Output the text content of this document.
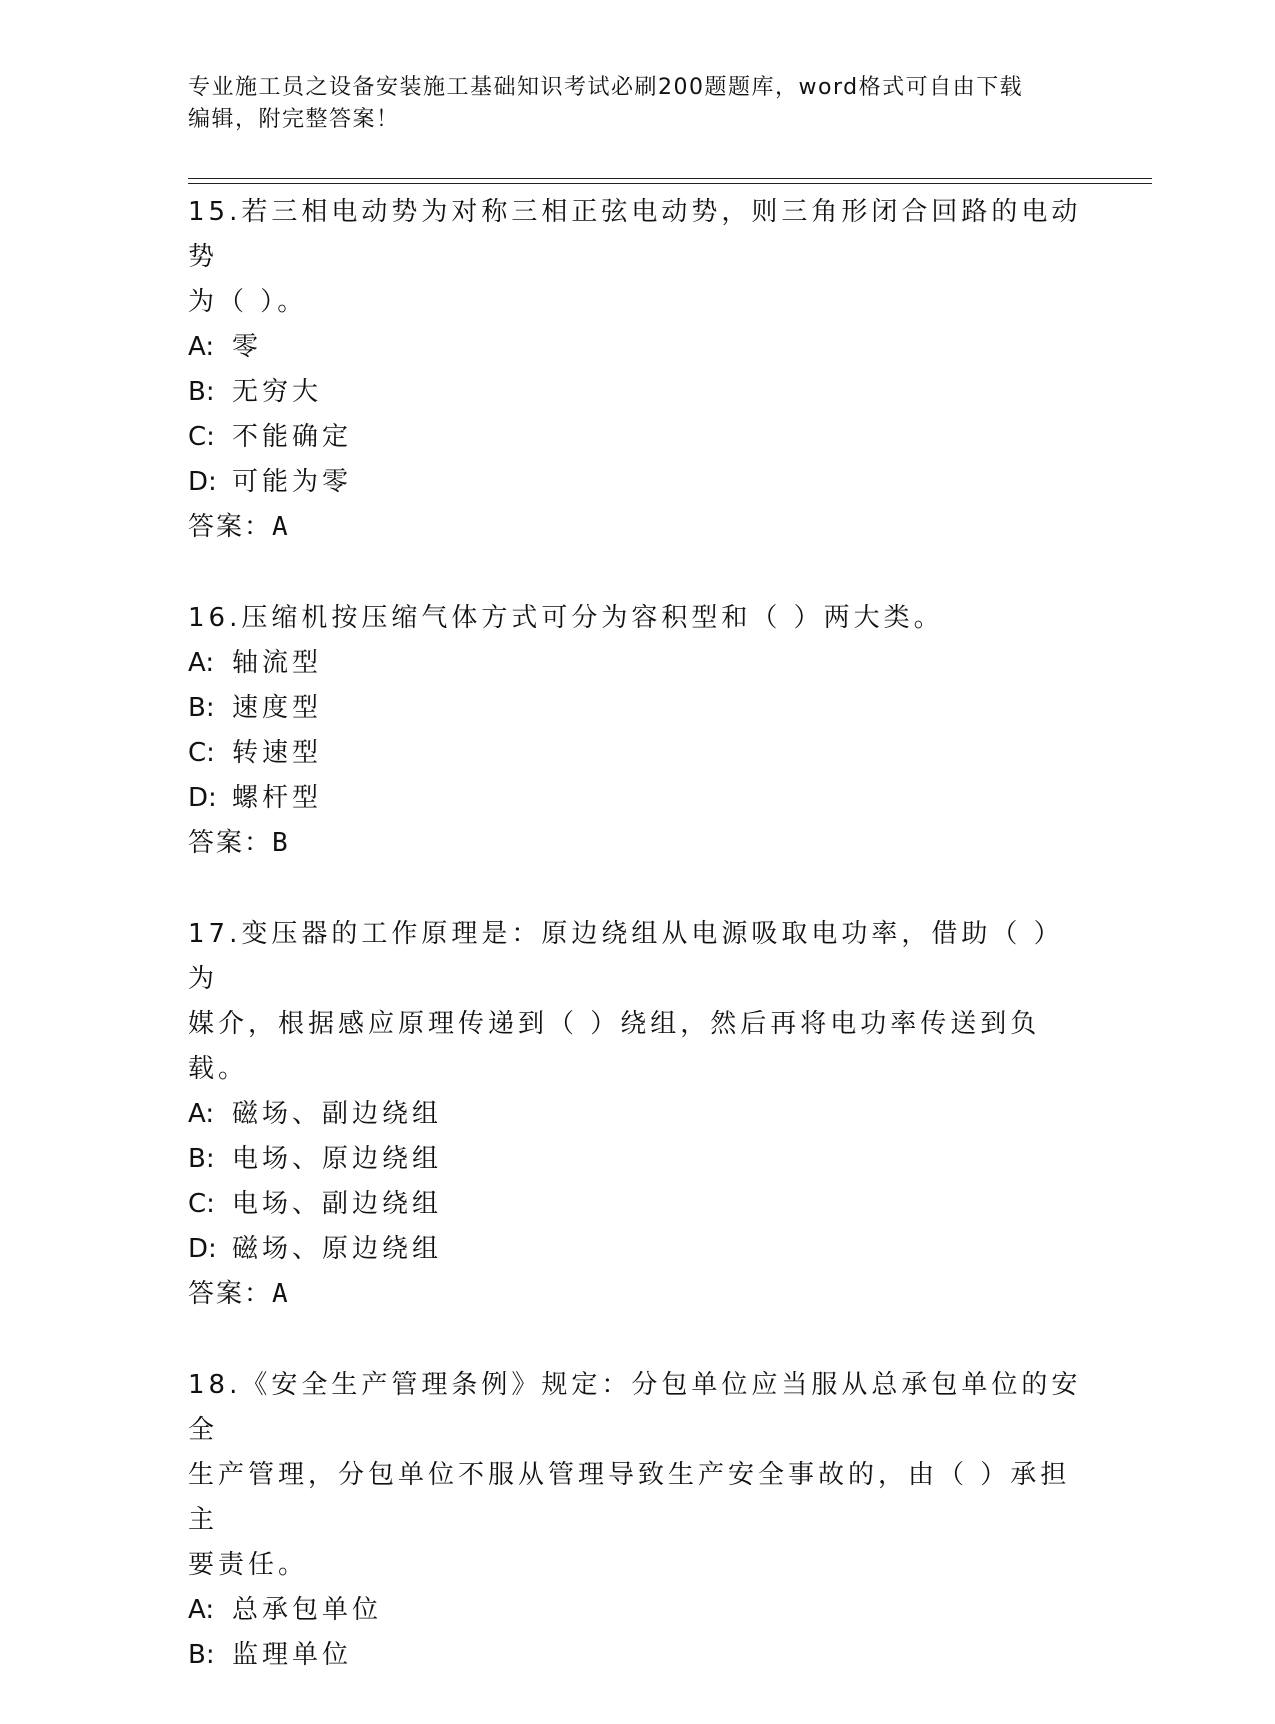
专业施工员之设备安装施工基础知识考试必刷200题题库，word格式可自由下载
编辑，附完整答案！
15.若三相电动势为对称三相正弦电动势，则三角形闭合回路的电动势
为（ ）。
A: 零
B: 无穷大
C: 不能确定
D: 可能为零
答案：A
16.压缩机按压缩气体方式可分为容积型和（ ）两大类。
A: 轴流型
B: 速度型
C: 转速型
D: 螺杆型
答案：B
17.变压器的工作原理是：原边绕组从电源吸取电功率，借助（ ）为
媒介，根据感应原理传递到（ ）绕组，然后再将电功率传送到负载。
A: 磁场、副边绕组
B: 电场、原边绕组
C: 电场、副边绕组
D: 磁场、原边绕组
答案：A
18.《安全生产管理条例》规定：分包单位应当服从总承包单位的安全
生产管理，分包单位不服从管理导致生产安全事故的，由（ ）承担主
要责任。
A: 总承包单位
B: 监理单位
